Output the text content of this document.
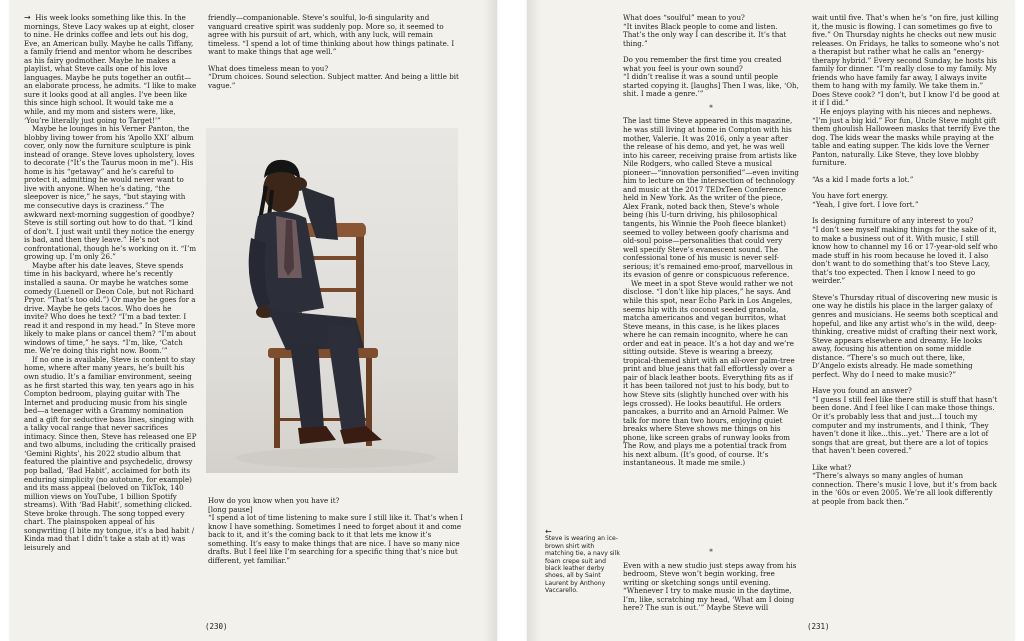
→ His week looks something like this. In the mornings, Steve Lacy wakes up at eight, closer to nine. He drinks coffee and lets out his dog, Eve, an American bully. Maybe he calls Tiffany, a family friend and mentor whom he describes as his fairy godmother. Maybe he makes a playlist, what Steve calls one of his love languages. Maybe he puts together an outfit—an elaborate process, he admits. “I like to make sure it looks good at all angles. I’ve been like this since high school. It would take me a while, and my mom and sisters were, like, ‘You’re literally just going to Target!’”

Maybe he lounges in his Verner Panton, the blobby living tower from his ‘Apollo XXI’ album cover, only now the furniture sculpture is pink instead of orange. Steve loves upholstery, loves to decorate (“It’s the Taurus moon in me”). His home is his “getaway” and he’s careful to protect it, admitting he would never want to live with anyone. When he’s dating, “the sleepover is nice,” he says, “but staying with me consecutive days is craziness.” The awkward next-morning suggestion of goodbye? Steve is still sorting out how to do that. “I kind of don’t. I just wait until they notice the energy is bad, and then they leave.” He’s not confrontational, though he’s working on it. “I’m growing up. I’m only 26.”

Maybe after his date leaves, Steve spends time in his backyard, where he’s recently installed a sauna. Or maybe he watches some comedy (Luenell or Deon Cole, but not Richard Pryor. “That’s too old.”) Or maybe he goes for a drive. Maybe he gets tacos. Who does he invite? Who does he text? “I’m a bad texter. I read it and respond in my head.” In Steve more likely to make plans or cancel them? “I’m about windows of time,” he says. “I’m, like, ‘Catch me. We’re doing this right now. Boom.’”

If no one is available, Steve is content to stay home, where after many years, he’s built his own studio. It’s a familiar environment, seeing as he first started this way, ten years ago in his Compton bedroom, playing guitar with The Internet and producing music from his single bed—a teenager with a Grammy nomination and a gift for seductive bass lines, singing with a talky vocal range that never sacrifices intimacy. Since then, Steve has released one EP and two albums, including the critically praised ‘Gemini Rights’, his 2022 studio album that featured the plaintive and psychedelic, drowsy pop ballad, ‘Bad Habit’, acclaimed for both its enduring simplicity (no autotune, for example) and its mass appeal (beloved on TikTok, 140 million views on YouTube, 1 billion Spotify streams). With ‘Bad Habit’, something clicked. Steve broke through. The song topped every chart. The plainspoken appeal of his songwriting (I bite my tongue, it’s a bad habit / Kinda mad that I didn’t take a stab at it) was leisurely and

friendly—companionable. Steve’s soulful, lo-fi singularity and vanguard creative spirit was suddenly pop. More so, it seemed to agree with his pursuit of art, which, with any luck, will remain timeless. “I spend a lot of time thinking about how things patinate. I want to make things that age well.”

What does timeless mean to you?

“Drum choices. Sound selection. Subject matter. And being a little bit vague.”

How do you know when you have it?

[long pause]

“I spend a lot of time listening to make sure I still like it. That’s when I know I have something. Sometimes I need to forget about it and come back to it, and it’s the coming back to it that lets me know it’s something. It’s easy to make things that are nice. I have so many nice drafts. But I feel like I’m searching for a specific thing that’s nice but different, yet familiar.”

(230)

What does “soulful” mean to you?

“It invites Black people to come and listen. That’s the only way I can describe it. It’s that thing.”

Do you remember the first time you created what you feel is your own sound?

“I didn’t realise it was a sound until people started copying it. [laughs] Then I was, like, ‘Oh, shit. I made a genre.’”

*

The last time Steve appeared in this magazine, he was still living at home in Compton with his mother, Valerie. It was 2016, only a year after the release of his demo, and yet, he was well into his career, receiving praise from artists like Nile Rodgers, who called Steve a musical pioneer—“innovation personified”—even inviting him to lecture on the intersection of technology and music at the 2017 TEDxTeen Conference held in New York. As the writer of the piece, Alex Frank, noted back then, Steve’s whole being (his U-turn driving, his philosophical tangents, his Winnie the Pooh fleece blanket) seemed to volley between goofy charisma and old-soul poise—personalities that could very well specify Steve’s evanescent sound. The confessional tone of his music is never self-serious; it’s remained emo-proof, marvellous in its evasion of genre or conspicuous reference.

We meet in a spot Steve would rather we not disclose. “I don’t like hip places,” he says. And while this spot, near Echo Park in Los Angeles, seems hip with its coconut seeded granola, matcha americanos and vegan burritos, what Steve means, in this case, is he likes places where he can remain incognito, where he can order and eat in peace. It’s a hot day and we’re sitting outside. Steve is wearing a breezy, tropical-themed shirt with an all-over palm-tree print and blue jeans that fall effortlessly over a pair of black leather boots. Everything fits as if it has been tailored not just to his body, but to how Steve sits (slightly hunched over with his legs crossed). He looks beautiful. He orders pancakes, a burrito and an Arnold Palmer. We talk for more than two hours, enjoying quiet breaks where Steve shows me things on his phone, like screen grabs of runway looks from The Row, and plays me a potential track from his next album. (It’s good, of course. It’s instantaneous. It made me smile.)

*

Even with a new studio just steps away from his bedroom, Steve won’t begin working, free writing or sketching songs until evening. “Whenever I try to make music in the daytime, I’m, like, scratching my head, ‘What am I doing here? The sun is out.’” Maybe Steve will

←
Steve is wearing an ice-brown shirt with matching tie, a navy silk foam crepe suit and black leather derby shoes, all by Saint Laurent by Anthony Vaccarello.

wait until five. That’s when he’s “on fire, just killing it, the music is flowing. I can sometimes go five to five.” On Thursday nights he checks out new music releases. On Fridays, he talks to someone who’s not a therapist but rather what he calls an “energy-therapy hybrid.” Every second Sunday, he hosts his family for dinner. “I’m really close to my family. My friends who have family far away, I always invite them to hang with my family. We take them in.” Does Steve cook? “I don’t, but I know I’d be good at it if I did.”

He enjoys playing with his nieces and nephews. “I’m just a big kid.” For fun, Uncle Steve might gift them ghoulish Halloween masks that terrify Eve the dog. The kids wear the masks while praying at the table and eating supper. The kids love the Verner Panton, naturally. Like Steve, they love blobby furniture.

“As a kid I made forts a lot.”

You have fort energy.

“Yeah, I give fort. I love fort.”

Is designing furniture of any interest to you?

“I don’t see myself making things for the sake of it, to make a business out of it. With music, I still know how to channel my 16 or 17-year-old self who made stuff in his room because he loved it. I also don’t want to do something that’s too Steve Lacy, that’s too expected. Then I know I need to go weirder.”

Steve’s Thursday ritual of discovering new music is one way he distils his place in the larger galaxy of genres and musicians. He seems both sceptical and hopeful, and like any artist who’s in the wild, deep-thinking, creative midst of crafting their next work, Steve appears elsewhere and dreamy. He looks away, focusing his attention on some middle distance. “There’s so much out there, like, D’Angelo exists already. He made something perfect. Why do I need to make music?”

Have you found an answer?

“I guess I still feel like there still is stuff that hasn’t been done. And I feel like I can make those things. Or it’s probably less that and just...I touch my computer and my instruments, and I think, ‘They haven’t done it like...this...yet.’ There are a lot of songs that are great, but there are a lot of topics that haven’t been covered.”

Like what?

“There’s always so many angles of human connection. There’s music I love, but it’s from back in the ’60s or even 2005. We’re all look differently at people from back then.”

(231)
